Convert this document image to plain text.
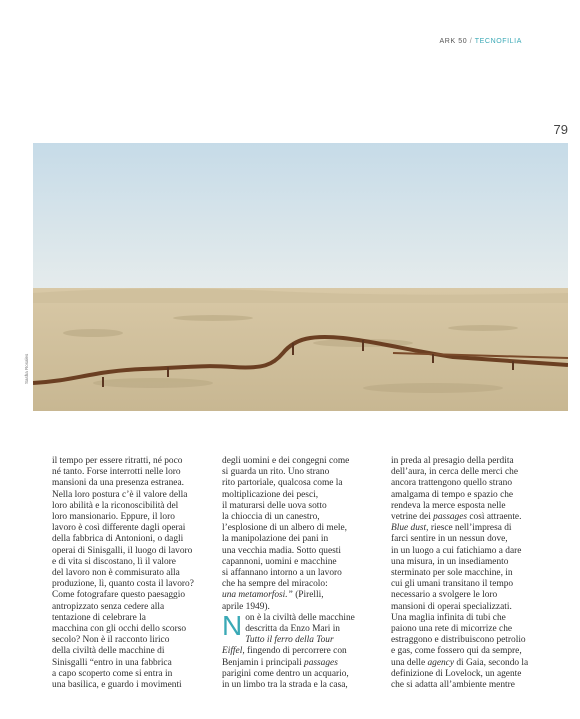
ARK 50 / TECNOFILIA
79
Sasha Rosales

il tempo per essere ritratti, né poco
né tanto. Forse interrotti nelle loro
mansioni da una presenza estranea.
Nella loro postura c’è il valore della
loro abilità e la riconoscibilità del
loro mansionario. Eppure, il loro
lavoro è così differente dagli operai
della fabbrica di Antonioni, o dagli
operai di Sinisgalli, il luogo di lavoro
e di vita si discostano, lì il valore
del lavoro non è commisurato alla
produzione, lì, quanto costa il lavoro?
Come fotografare questo paesaggio
antropizzato senza cedere alla
tentazione di celebrare la
macchina con gli occhi dello scorso
secolo? Non è il racconto lirico
della civiltà delle macchine di
Sinisgalli “entro in una fabbrica
a capo scoperto come si entra in
una basilica, e guardo i movimenti

degli uomini e dei congegni come
si guarda un rito. Uno strano
rito partoriale, qualcosa come la
moltiplicazione dei pesci,
il maturarsi delle uova sotto
la chioccia di un canestro,
l’esplosione di un albero di mele,
la manipolazione dei pani in
una vecchia madia. Sotto questi
capannoni, uomini e macchine
si affannano intorno a un lavoro
che ha sempre del miracolo:
una metamorfosi.” (Pirelli,
aprile 1949).

N on è la civiltà delle macchine
descritta da Enzo Mari in
Tutto il ferro della Tour
Eiffel, fingendo di percorrere con
Benjamin i principali passages
parigini come dentro un acquario,
in un limbo tra la strada e la casa,

in preda al presagio della perdita
dell’aura, in cerca delle merci che
ancora trattengono quello strano
amalgama di tempo e spazio che
rendeva la merce esposta nelle
vetrine dei passages così attraente.
Blue dust, riesce nell’impresa di
farci sentire in un nessun dove,
in un luogo a cui fatichiamo a dare
una misura, in un insediamento
sterminato per sole macchine, in
cui gli umani transitano il tempo
necessario a svolgere le loro
mansioni di operai specializzati.
Una maglia infinita di tubi che
paiono una rete di micorrize che
estraggono e distribuiscono petrolio
e gas, come fossero qui da sempre,
una delle agency di Gaia, secondo la
definizione di Lovelock, un agente
che si adatta all’ambiente mentre
